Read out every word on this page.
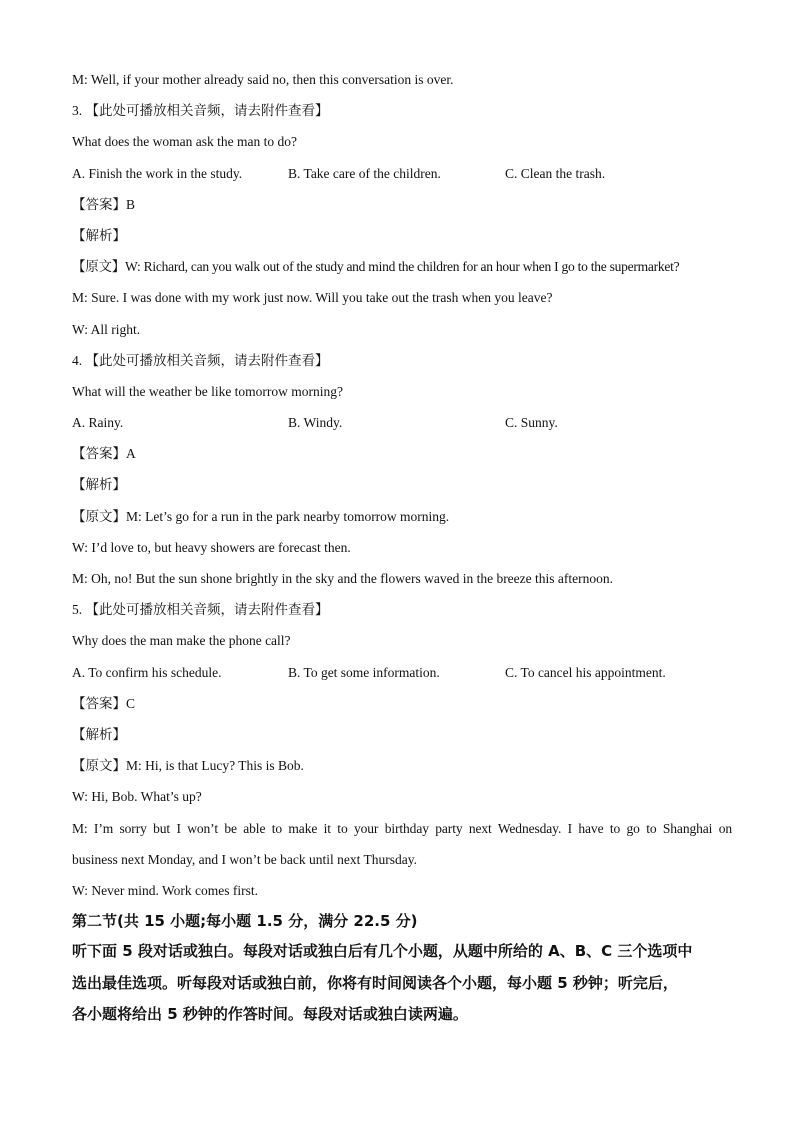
M: Well, if your mother already said no, then this conversation is over.
3. 【此处可播放相关音频，请去附件查看】
What does the woman ask the man to do?
A. Finish the work in the study.	B. Take care of the children.	C. Clean the trash.
【答案】B
【解析】
【原文】W: Richard, can you walk out of the study and mind the children for an hour when I go to the supermarket?
M: Sure. I was done with my work just now. Will you take out the trash when you leave?
W: All right.
4. 【此处可播放相关音频，请去附件查看】
What will the weather be like tomorrow morning?
A. Rainy.	B. Windy.	C. Sunny.
【答案】A
【解析】
【原文】M: Let’s go for a run in the park nearby tomorrow morning.
W: I’d love to, but heavy showers are forecast then.
M: Oh, no! But the sun shone brightly in the sky and the flowers waved in the breeze this afternoon.
5. 【此处可播放相关音频，请去附件查看】
Why does the man make the phone call?
A. To confirm his schedule.	B. To get some information.	C. To cancel his appointment.
【答案】C
【解析】
【原文】M: Hi, is that Lucy? This is Bob.
W: Hi, Bob. What’s up?
M: I’m sorry but I won’t be able to make it to your birthday party next Wednesday. I have to go to Shanghai on
business next Monday, and I won’t be back until next Thursday.
W: Never mind. Work comes first.
第二节(共 15 小题;每小题 1.5 分，满分 22.5 分)
听下面 5 段对话或独白。每段对话或独白后有几个小题，从题中所给的 A、B、C 三个选项中
选出最佳选项。听每段对话或独白前，你将有时间阅读各个小题，每小题 5 秒钟；听完后，
各小题将给出 5 秒钟的作答时间。每段对话或独白读两遍。
